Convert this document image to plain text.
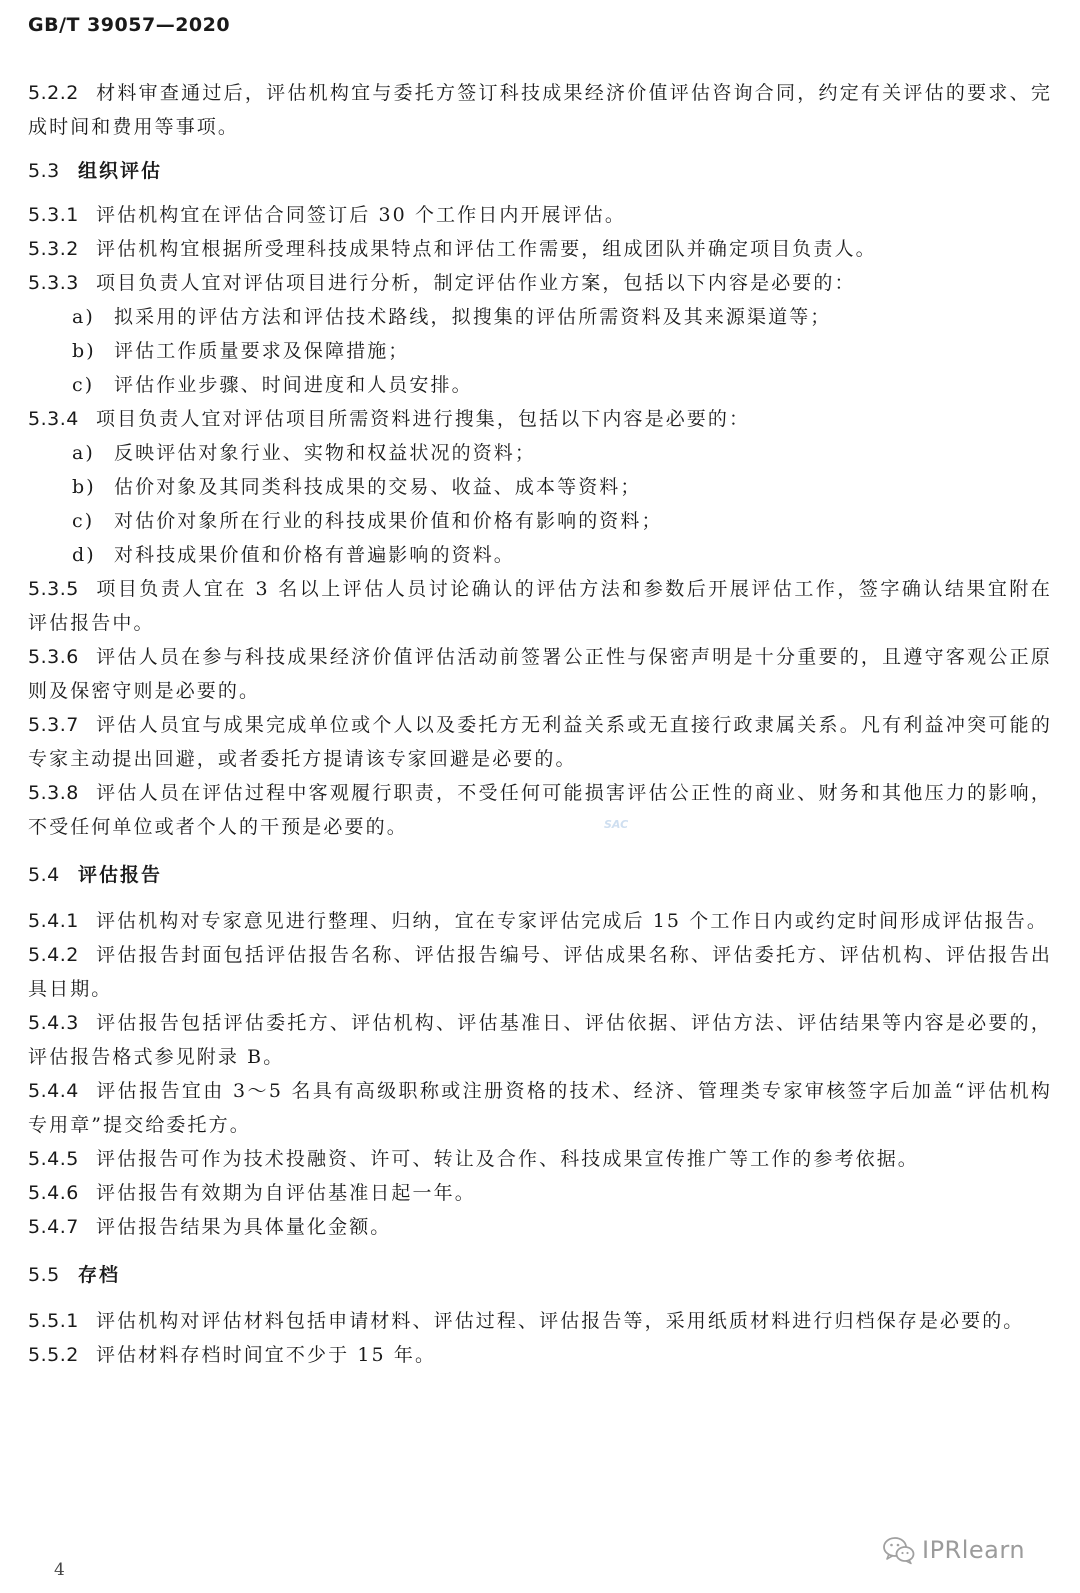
GB/T 39057—2020

5.2.2 材料审查通过后，评估机构宜与委托方签订科技成果经济价值评估咨询合同，约定有关评估的要求、完成时间和费用等事项。

5.3 组织评估

5.3.1 评估机构宜在评估合同签订后 30 个工作日内开展评估。

5.3.2 评估机构宜根据所受理科技成果特点和评估工作需要，组成团队并确定项目负责人。

5.3.3 项目负责人宜对评估项目进行分析，制定评估作业方案，包括以下内容是必要的：

a) 拟采用的评估方法和评估技术路线，拟搜集的评估所需资料及其来源渠道等；

b) 评估工作质量要求及保障措施；

c) 评估作业步骤、时间进度和人员安排。

5.3.4 项目负责人宜对评估项目所需资料进行搜集，包括以下内容是必要的：

a) 反映评估对象行业、实物和权益状况的资料；

b) 估价对象及其同类科技成果的交易、收益、成本等资料；

c) 对估价对象所在行业的科技成果价值和价格有影响的资料；

d) 对科技成果价值和价格有普遍影响的资料。

5.3.5 项目负责人宜在 3 名以上评估人员讨论确认的评估方法和参数后开展评估工作，签字确认结果宜附在评估报告中。

5.3.6 评估人员在参与科技成果经济价值评估活动前签署公正性与保密声明是十分重要的，且遵守客观公正原则及保密守则是必要的。

5.3.7 评估人员宜与成果完成单位或个人以及委托方无利益关系或无直接行政隶属关系。凡有利益冲突可能的专家主动提出回避，或者委托方提请该专家回避是必要的。

5.3.8 评估人员在评估过程中客观履行职责，不受任何可能损害评估公正性的商业、财务和其他压力的影响，不受任何单位或者个人的干预是必要的。

5.4 评估报告

5.4.1 评估机构对专家意见进行整理、归纳，宜在专家评估完成后 15 个工作日内或约定时间形成评估报告。

5.4.2 评估报告封面包括评估报告名称、评估报告编号、评估成果名称、评估委托方、评估机构、评估报告出具日期。

5.4.3 评估报告包括评估委托方、评估机构、评估基准日、评估依据、评估方法、评估结果等内容是必要的，评估报告格式参见附录 B。

5.4.4 评估报告宜由 3～5 名具有高级职称或注册资格的技术、经济、管理类专家审核签字后加盖“评估机构专用章”提交给委托方。

5.4.5 评估报告可作为技术投融资、许可、转让及合作、科技成果宣传推广等工作的参考依据。

5.4.6 评估报告有效期为自评估基准日起一年。

5.4.7 评估报告结果为具体量化金额。

5.5 存档

5.5.1 评估机构对评估材料包括申请材料、评估过程、评估报告等，采用纸质材料进行归档保存是必要的。

5.5.2 评估材料存档时间宜不少于 15 年。

SAC
4
IPRlearn
